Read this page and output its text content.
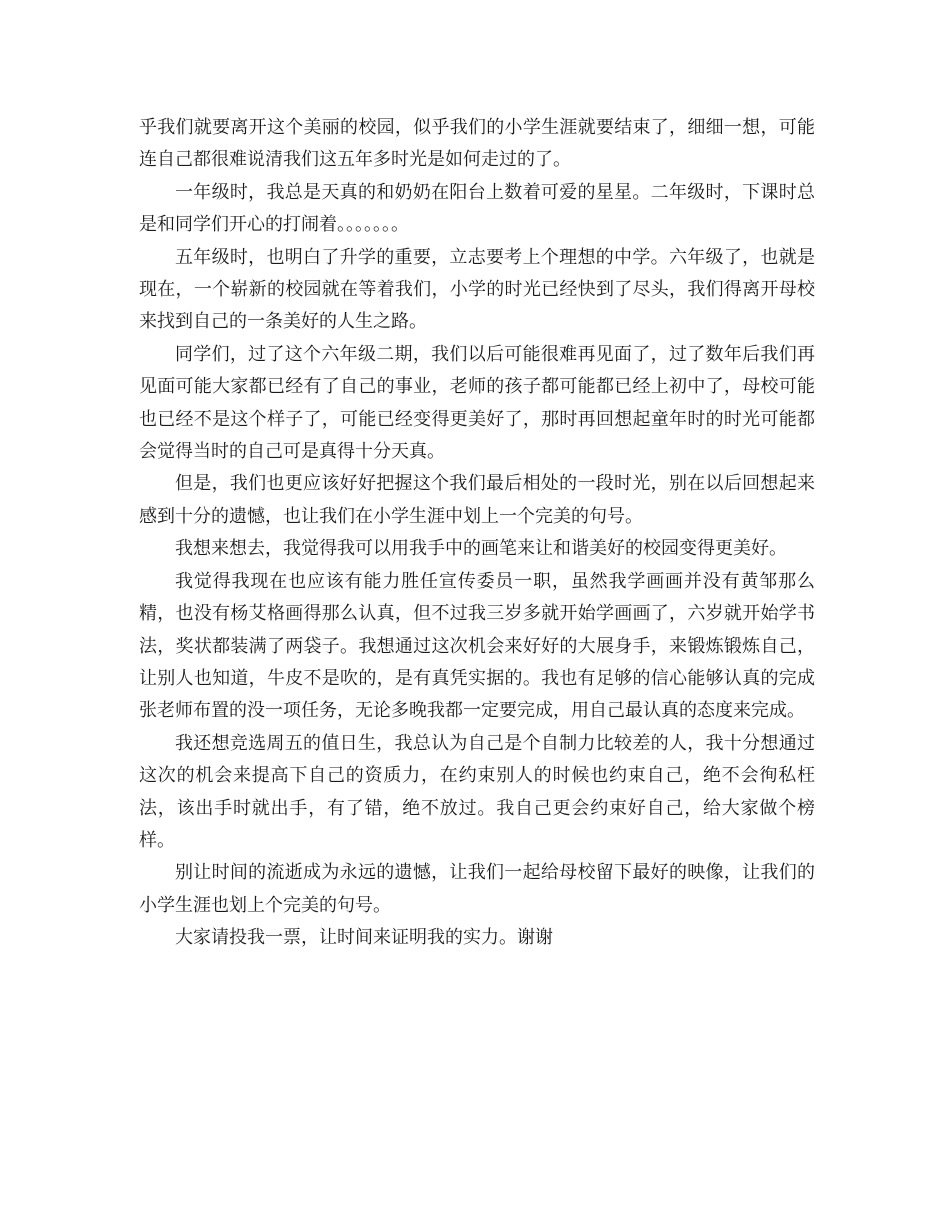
乎我们就要离开这个美丽的校园，似乎我们的小学生涯就要结束了，细细一想，可能连自己都很难说清我们这五年多时光是如何走过的了。

一年级时，我总是天真的和奶奶在阳台上数着可爱的星星。二年级时，下课时总是和同学们开心的打闹着。。。。。。。

五年级时，也明白了升学的重要，立志要考上个理想的中学。六年级了，也就是现在，一个崭新的校园就在等着我们，小学的时光已经快到了尽头，我们得离开母校来找到自己的一条美好的人生之路。

同学们，过了这个六年级二期，我们以后可能很难再见面了，过了数年后我们再见面可能大家都已经有了自己的事业，老师的孩子都可能都已经上初中了，母校可能也已经不是这个样子了，可能已经变得更美好了，那时再回想起童年时的时光可能都会觉得当时的自己可是真得十分天真。

但是，我们也更应该好好把握这个我们最后相处的一段时光，别在以后回想起来感到十分的遗憾，也让我们在小学生涯中划上一个完美的句号。

我想来想去，我觉得我可以用我手中的画笔来让和谐美好的校园变得更美好。

我觉得我现在也应该有能力胜任宣传委员一职，虽然我学画画并没有黄邹那么精，也没有杨艾格画得那么认真，但不过我三岁多就开始学画画了，六岁就开始学书法，奖状都装满了两袋子。我想通过这次机会来好好的大展身手，来锻炼锻炼自己，让别人也知道，牛皮不是吹的，是有真凭实据的。我也有足够的信心能够认真的完成张老师布置的没一项任务，无论多晚我都一定要完成，用自己最认真的态度来完成。

我还想竞选周五的值日生，我总认为自己是个自制力比较差的人，我十分想通过这次的机会来提高下自己的资质力，在约束别人的时候也约束自己，绝不会徇私枉法，该出手时就出手，有了错，绝不放过。我自己更会约束好自己，给大家做个榜样。

别让时间的流逝成为永远的遗憾，让我们一起给母校留下最好的映像，让我们的小学生涯也划上个完美的句号。

大家请投我一票，让时间来证明我的实力。谢谢
